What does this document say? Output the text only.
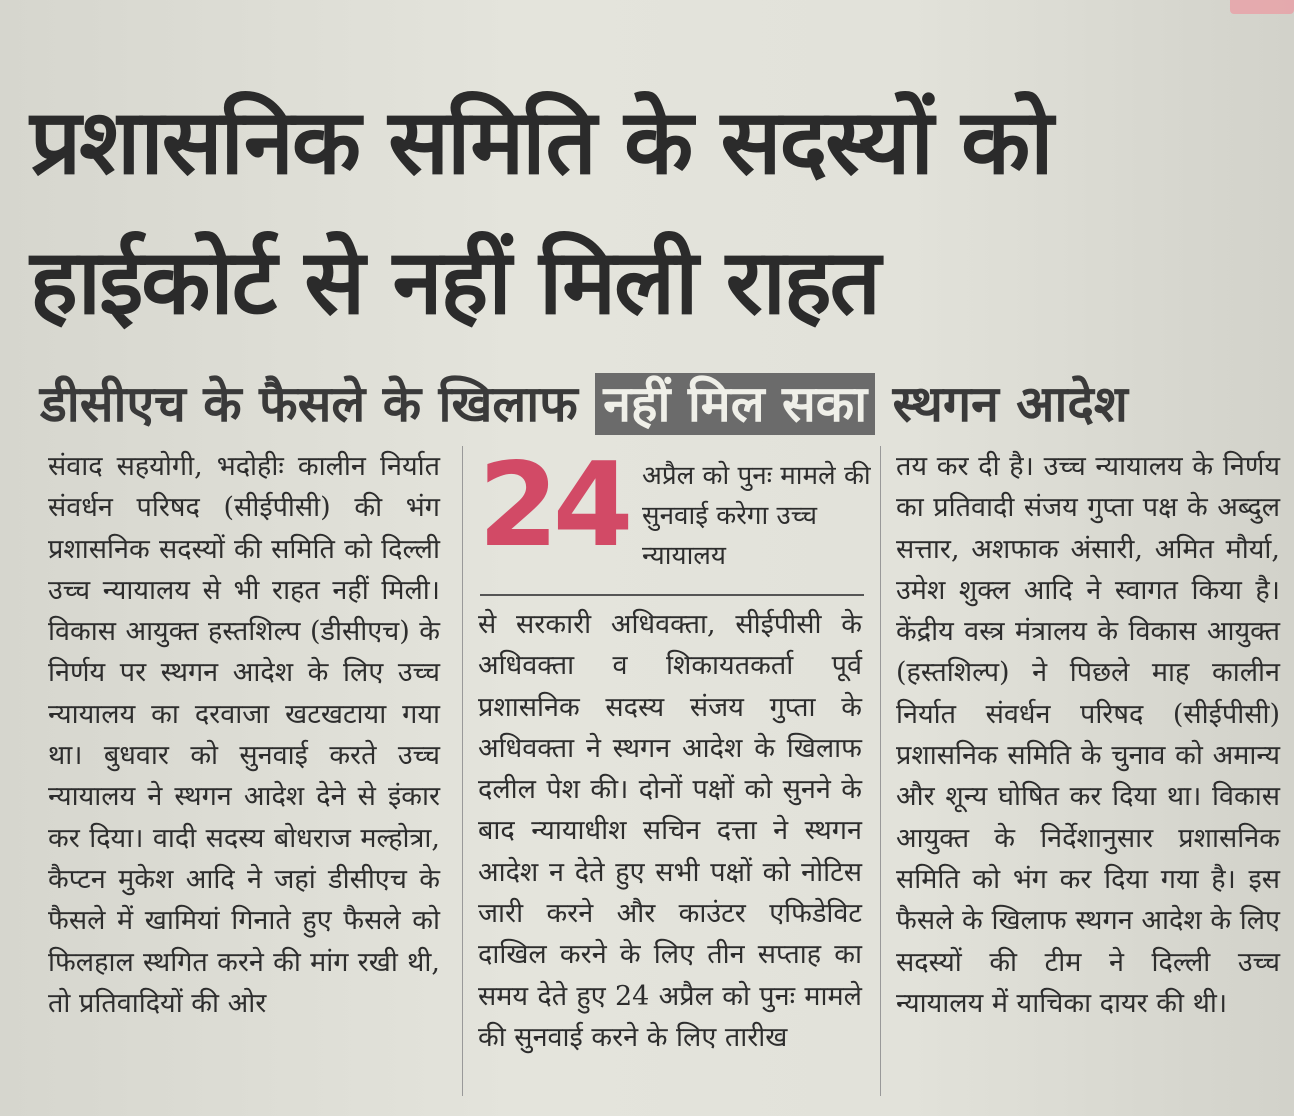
प्रशासनिक समिति के सदस्यों को
हाईकोर्ट से नहीं मिली राहत
डीसीएच के फैसले के खिलाफ नहीं मिल सका स्थगन आदेश
संवाद सहयोगी, भदोहीः कालीन निर्यात संवर्धन परिषद (सीईपीसी) की भंग प्रशासनिक सदस्यों की समिति को दिल्ली उच्च न्यायालय से भी राहत नहीं मिली। विकास आयुक्त हस्तशिल्प (डीसीएच) के निर्णय पर स्थगन आदेश के लिए उच्च न्यायालय का दरवाजा खटखटाया गया था। बुधवार को सुनवाई करते उच्च न्यायालय ने स्थगन आदेश देने से इंकार कर दिया। वादी सदस्य बोधराज मल्होत्रा, कैप्टन मुकेश आदि ने जहां डीसीएच के फैसले में खामियां गिनाते हुए फैसले को फिलहाल स्थगित करने की मांग रखी थी, तो प्रतिवादियों की ओर
24 अप्रैल को पुनः मामले की सुनवाई करेगा उच्च न्यायालय
से सरकारी अधिवक्ता, सीईपीसी के अधिवक्ता व शिकायतकर्ता पूर्व प्रशासनिक सदस्य संजय गुप्ता के अधिवक्ता ने स्थगन आदेश के खिलाफ दलील पेश की। दोनों पक्षों को सुनने के बाद न्यायाधीश सचिन दत्ता ने स्थगन आदेश न देते हुए सभी पक्षों को नोटिस जारी करने और काउंटर एफिडेविट दाखिल करने के लिए तीन सप्ताह का समय देते हुए 24 अप्रैल को पुनः मामले की सुनवाई करने के लिए तारीख
तय कर दी है। उच्च न्यायालय के निर्णय का प्रतिवादी संजय गुप्ता पक्ष के अब्दुल सत्तार, अशफाक अंसारी, अमित मौर्या, उमेश शुक्ल आदि ने स्वागत किया है। केंद्रीय वस्त्र मंत्रालय के विकास आयुक्त (हस्तशिल्प) ने पिछले माह कालीन निर्यात संवर्धन परिषद (सीईपीसी) प्रशासनिक समिति के चुनाव को अमान्य और शून्य घोषित कर दिया था। विकास आयुक्त के निर्देशानुसार प्रशासनिक समिति को भंग कर दिया गया है। इस फैसले के खिलाफ स्थगन आदेश के लिए सदस्यों की टीम ने दिल्ली उच्च न्यायालय में याचिका दायर की थी।
